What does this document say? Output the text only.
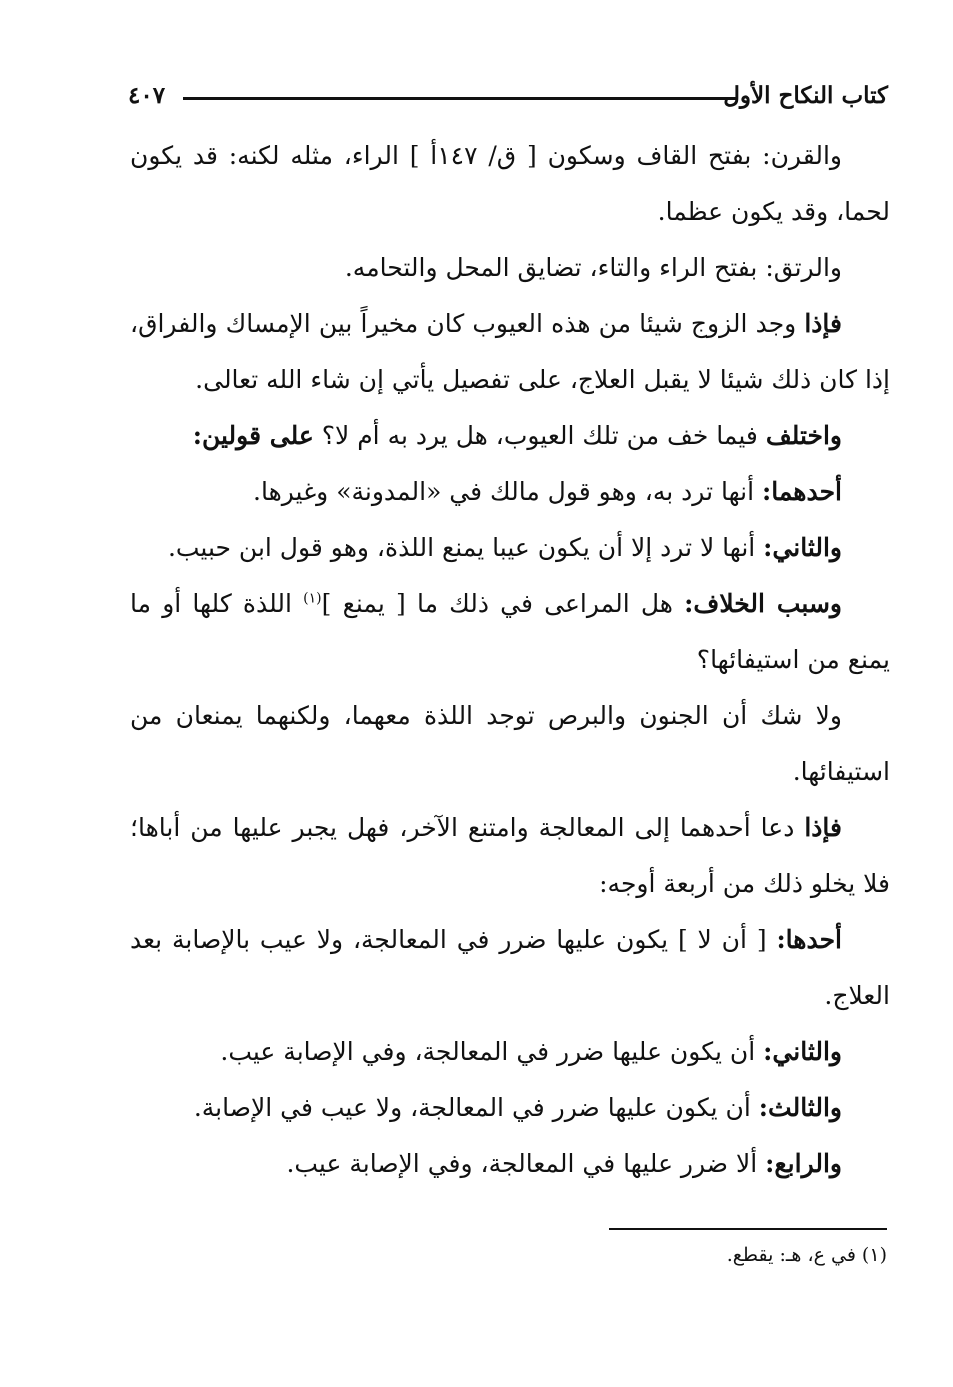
كتاب النكاح الأول
٤٠٧

والقرن: بفتح القاف وسكون [ ق/ ١٤٧أ ] الراء، مثله لكنه: قد يكون لحما، وقد يكون عظما.

والرتق: بفتح الراء والتاء، تضايق المحل والتحامه.

فإذا وجد الزوج شيئا من هذه العيوب كان مخيراً بين الإمساك والفراق، إذا كان ذلك شيئا لا يقبل العلاج، على تفصيل يأتي إن شاء الله تعالى.

واختلف فيما خف من تلك العيوب، هل يرد به أم لا؟ على قولين:

أحدهما: أنها ترد به، وهو قول مالك في «المدونة» وغيرها.

والثاني: أنها لا ترد إلا أن يكون عيبا يمنع اللذة، وهو قول ابن حبيب.

وسبب الخلاف: هل المراعى في ذلك ما [ يمنع ]$^{(١)}$ اللذة كلها أو ما يمنع من استيفائها؟

ولا شك أن الجنون والبرص توجد اللذة معهما، ولكنهما يمنعان من استيفائها.

فإذا دعا أحدهما إلى المعالجة وامتنع الآخر، فهل يجبر عليها من أباها؛ فلا يخلو ذلك من أربعة أوجه:

أحدها: [ أن لا ] يكون عليها ضرر في المعالجة، ولا عيب بالإصابة بعد العلاج.

والثاني: أن يكون عليها ضرر في المعالجة، وفي الإصابة عيب.

والثالث: أن يكون عليها ضرر في المعالجة، ولا عيب في الإصابة.

والرابع: ألا ضرر عليها في المعالجة، وفي الإصابة عيب.

(١) في ع، هـ: يقطع.
